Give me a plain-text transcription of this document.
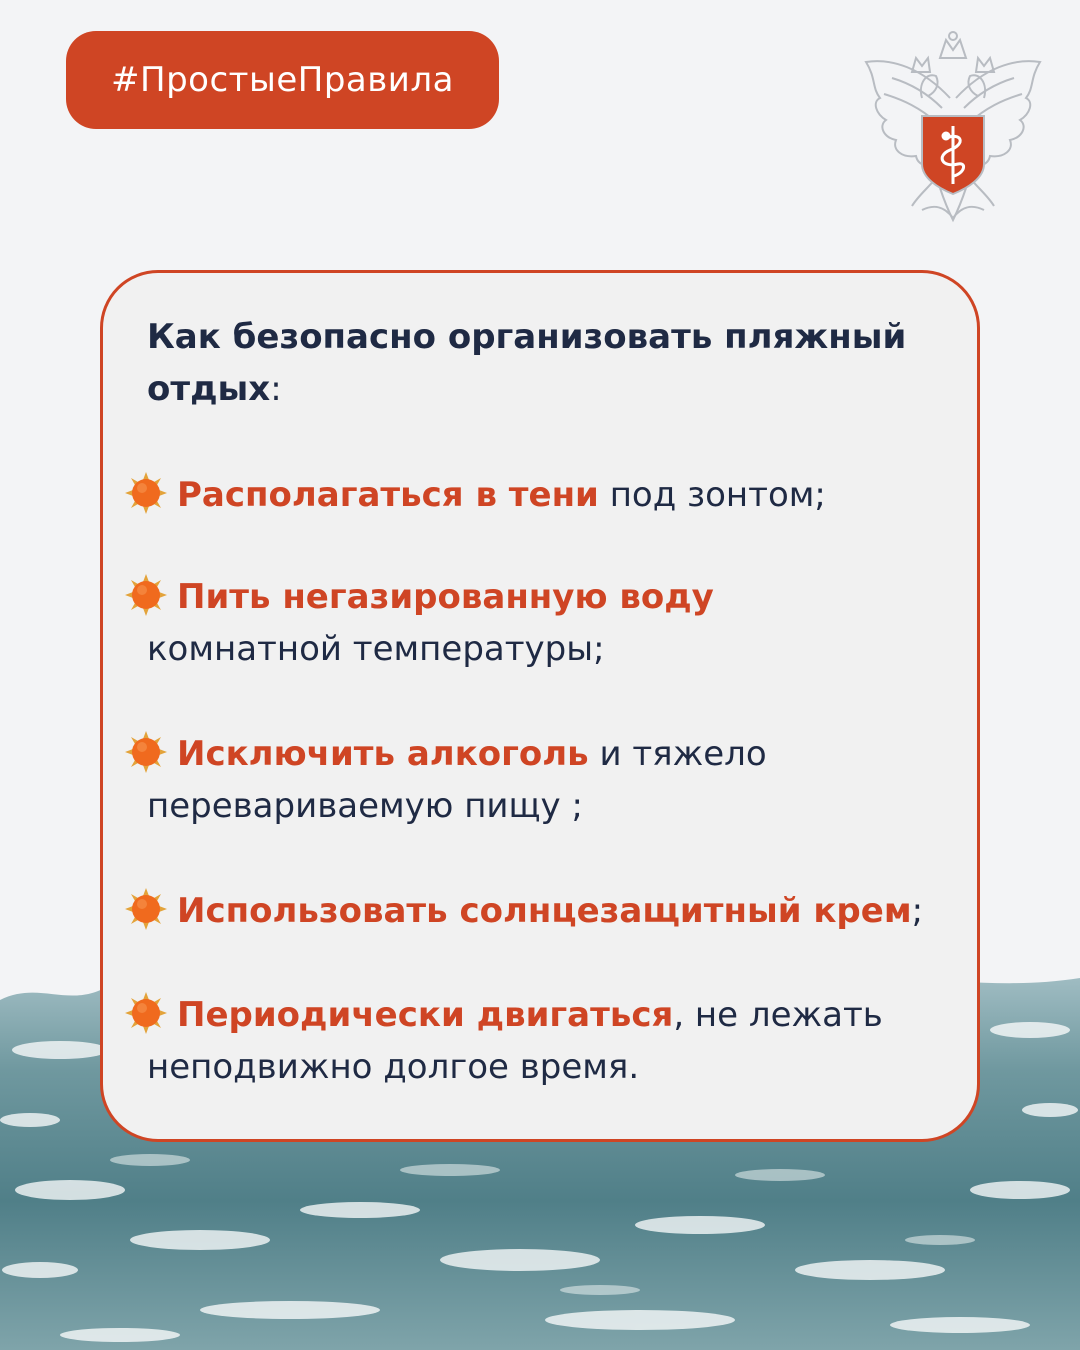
#ПростыеПравила
Как безопасно организовать пляжный отдых:
Располагаться в тени под зонтом;
Пить негазированную воду
комнатной температуры;
Исключить алкоголь и тяжело
перевариваемую пищу ;
Использовать солнцезащитный крем;
Периодически двигаться, не лежать
неподвижно долгое время.
